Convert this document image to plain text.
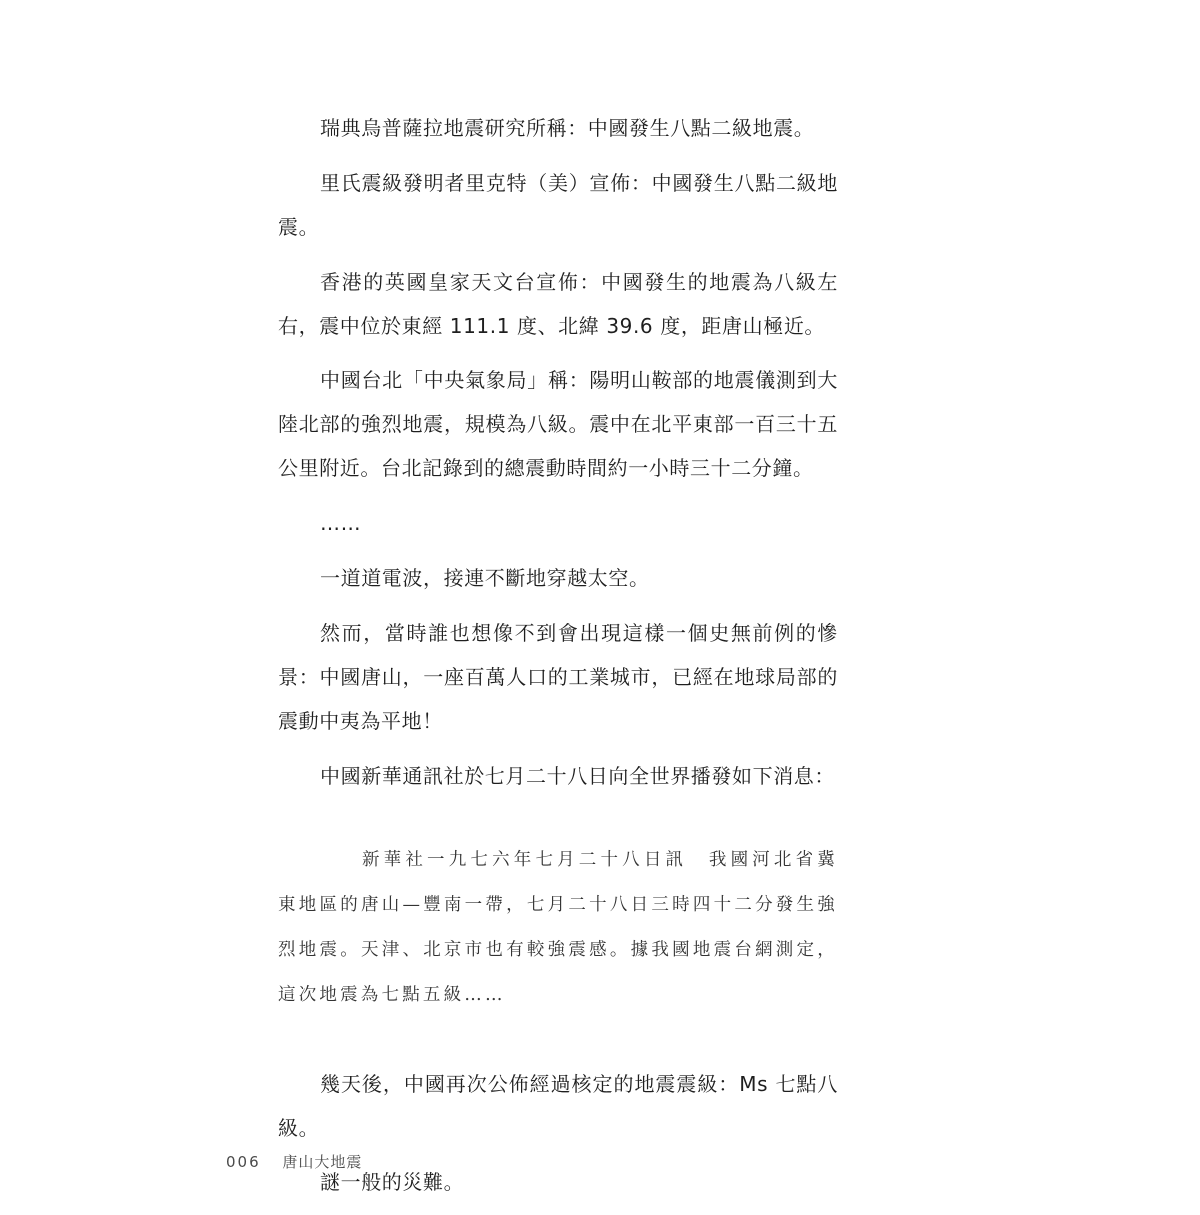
瑞典烏普薩拉地震研究所稱：中國發生八點二級地震。

里氏震級發明者里克特（美）宣佈：中國發生八點二級地震。

香港的英國皇家天文台宣佈：中國發生的地震為八級左右，震中位於東經 111.1 度、北緯 39.6 度，距唐山極近。

中國台北「中央氣象局」稱：陽明山鞍部的地震儀測到大陸北部的強烈地震，規模為八級。震中在北平東部一百三十五公里附近。台北記錄到的總震動時間約一小時三十二分鐘。

……

一道道電波，接連不斷地穿越太空。

然而，當時誰也想像不到會出現這樣一個史無前例的慘景：中國唐山，一座百萬人口的工業城市，已經在地球局部的震動中夷為平地！

中國新華通訊社於七月二十八日向全世界播發如下消息：

新華社一九七六年七月二十八日訊　我國河北省冀東地區的唐山—豐南一帶，七月二十八日三時四十二分發生強烈地震。天津、北京市也有較強震感。據我國地震台網測定，這次地震為七點五級……

幾天後，中國再次公佈經過核定的地震震級：Ms 七點八級。

謎一般的災難。

006 唐山大地震
